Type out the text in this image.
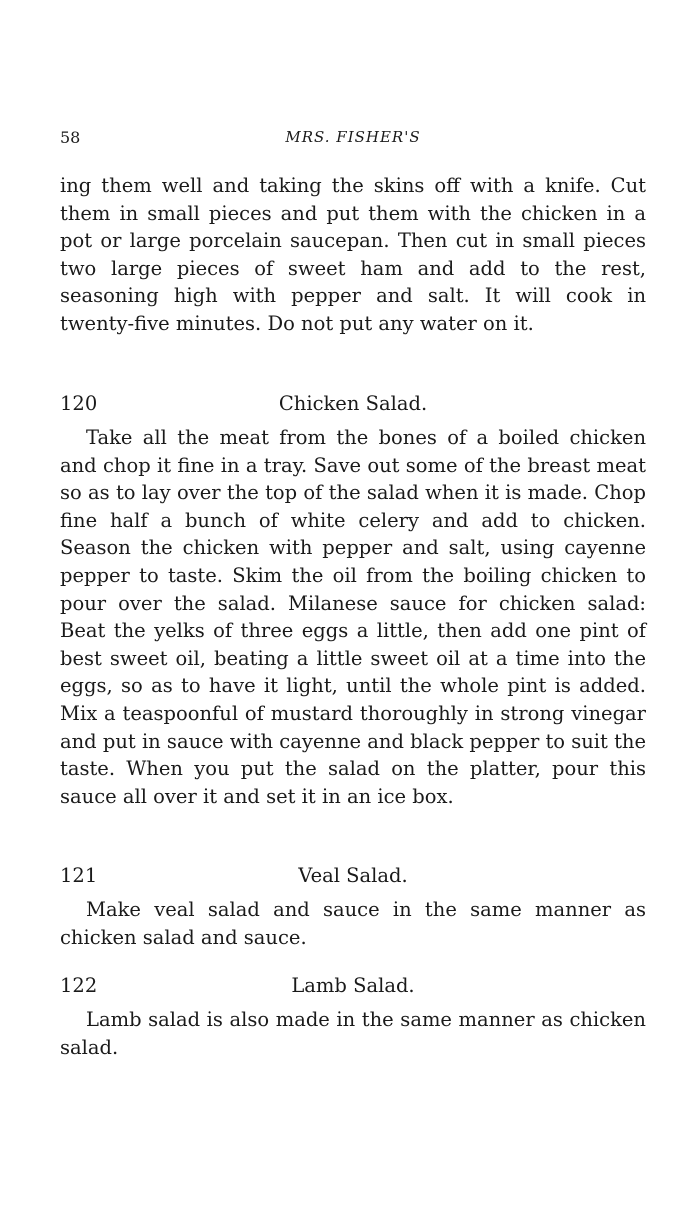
58	MRS. FISHER'S

ing them well and taking the skins off with a knife. Cut them in small pieces and put them with the chicken in a pot or large porcelain saucepan. Then cut in small pieces two large pieces of sweet ham and add to the rest, seasoning high with pepper and salt. It will cook in twenty-five minutes. Do not put any water on it.

120	Chicken Salad.

Take all the meat from the bones of a boiled chicken and chop it fine in a tray. Save out some of the breast meat so as to lay over the top of the salad when it is made. Chop fine half a bunch of white celery and add to chicken. Season the chicken with pepper and salt, using cayenne pepper to taste. Skim the oil from the boiling chicken to pour over the salad. Milanese sauce for chicken salad: Beat the yelks of three eggs a little, then add one pint of best sweet oil, beating a little sweet oil at a time into the eggs, so as to have it light, until the whole pint is added. Mix a teaspoonful of mustard thoroughly in strong vinegar and put in sauce with cayenne and black pepper to suit the taste. When you put the salad on the platter, pour this sauce all over it and set it in an ice box.

121	Veal Salad.

Make veal salad and sauce in the same manner as chicken salad and sauce.

122	Lamb Salad.

Lamb salad is also made in the same manner as chicken salad.
